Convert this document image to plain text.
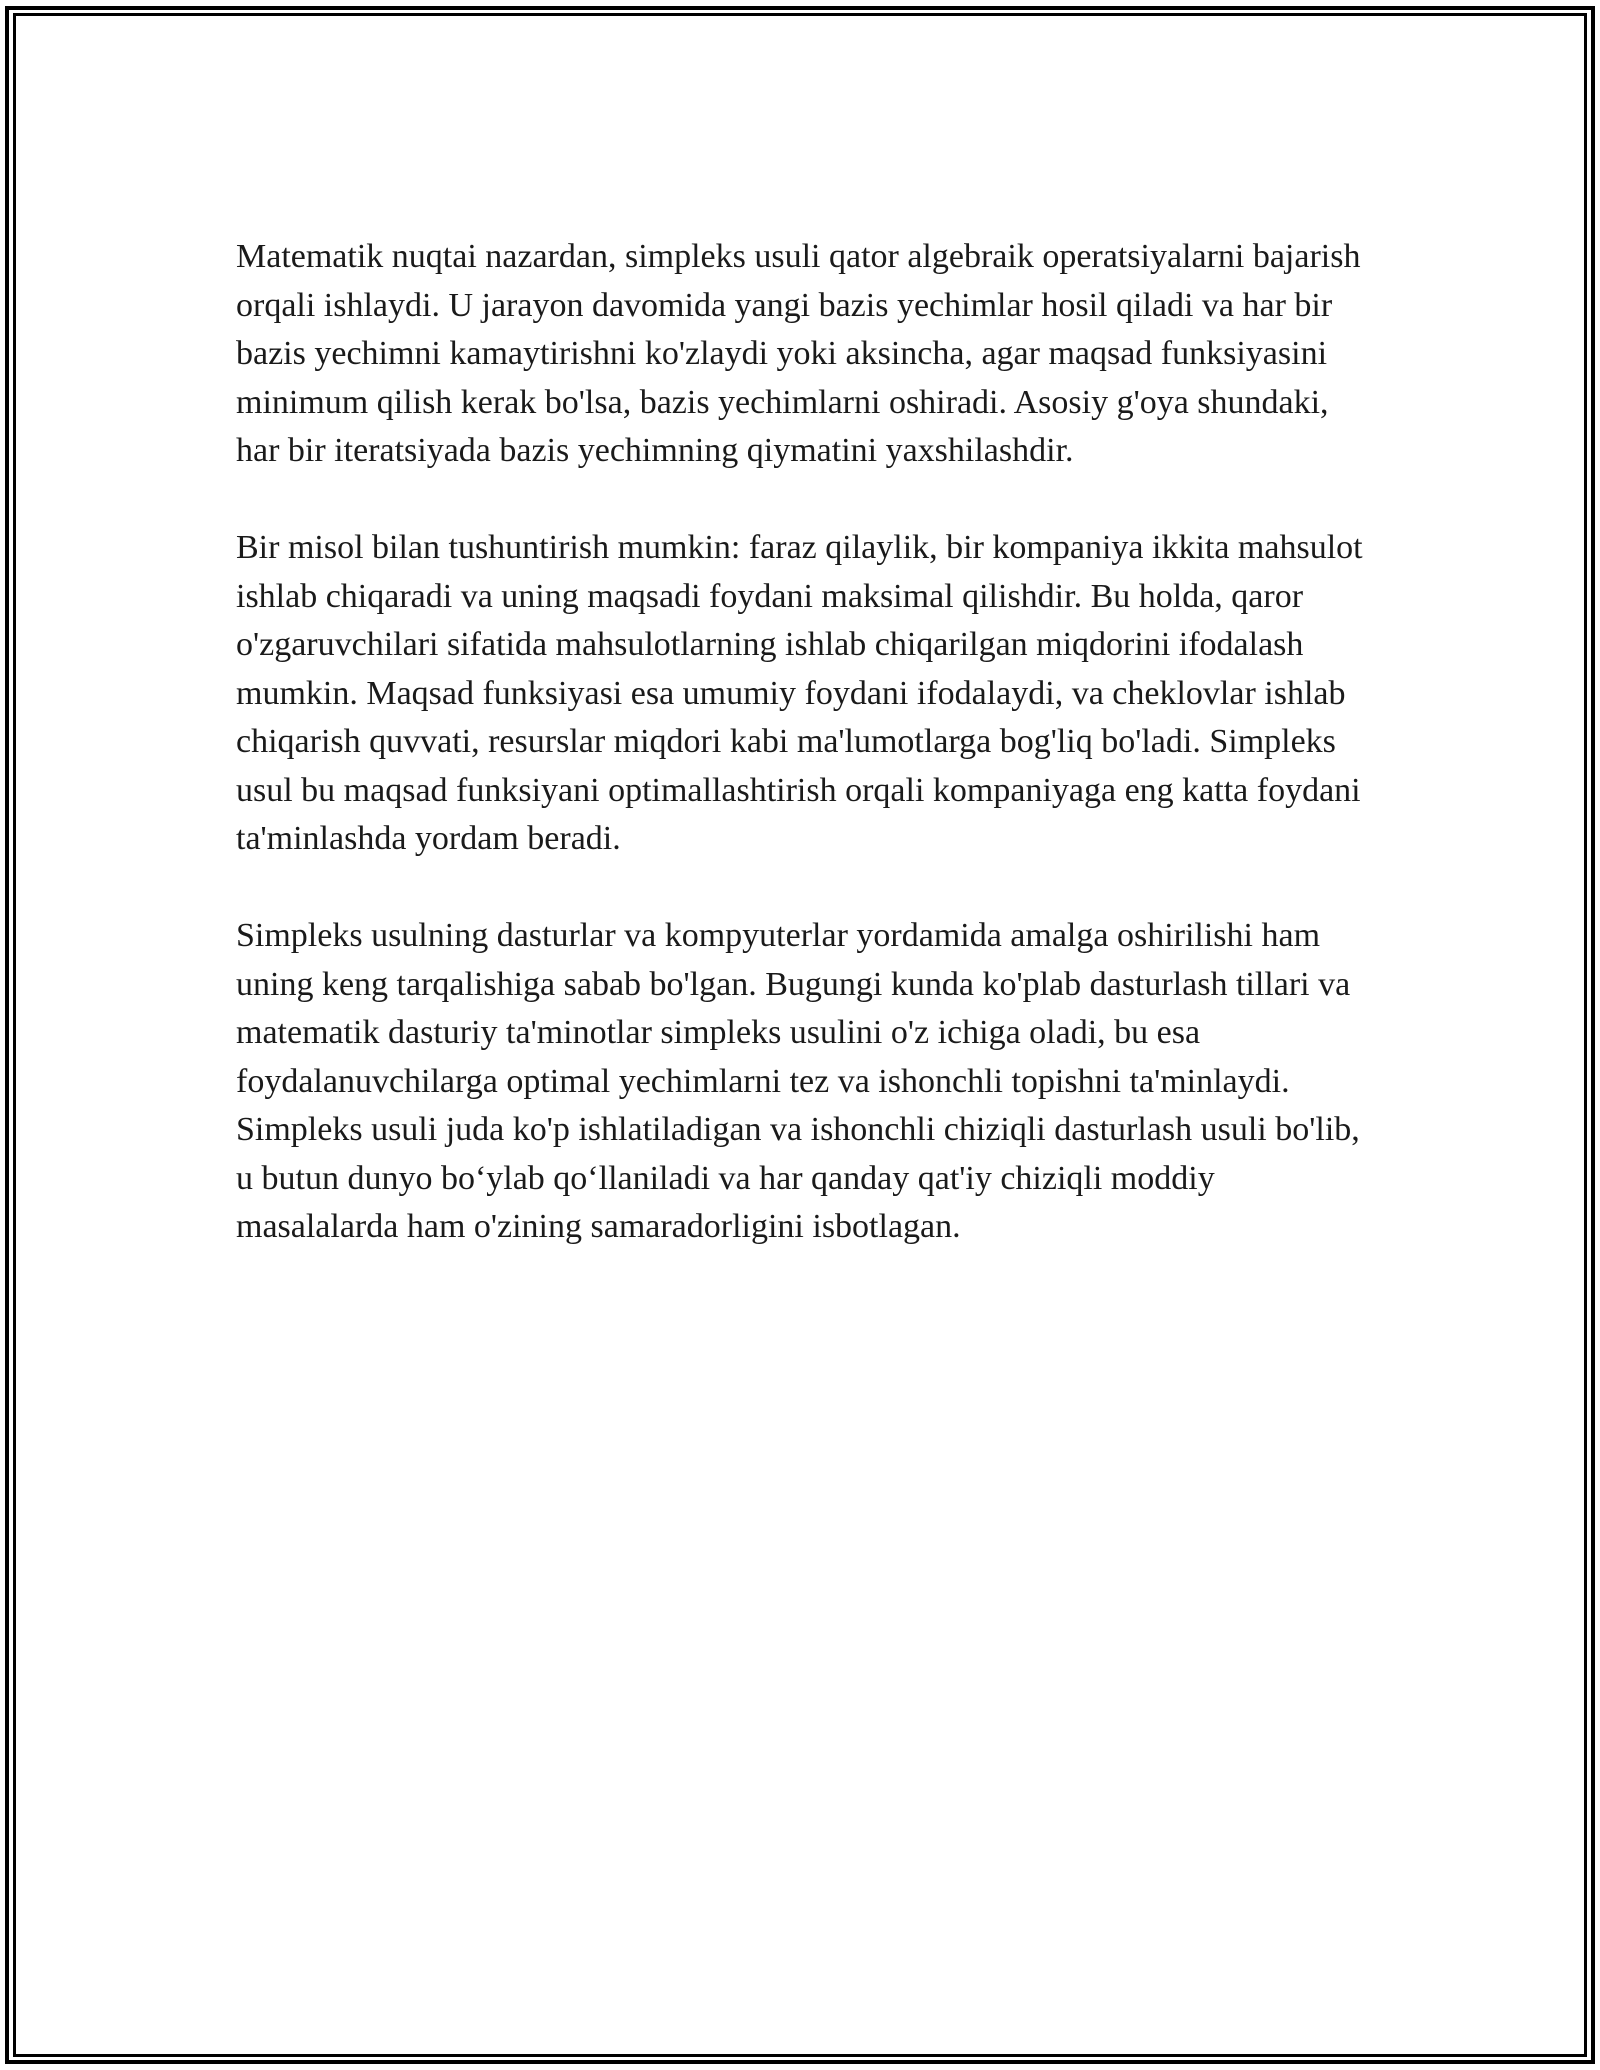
Matematik nuqtai nazardan, simpleks usuli qator algebraik operatsiyalarni bajarish orqali ishlaydi. U jarayon davomida yangi bazis yechimlar hosil qiladi va har bir bazis yechimni kamaytirishni ko'zlaydi yoki aksincha, agar maqsad funksiyasini minimum qilish kerak bo'lsa, bazis yechimlarni oshiradi. Asosiy g'oya shundaki, har bir iteratsiyada bazis yechimning qiymatini yaxshilashdir.

Bir misol bilan tushuntirish mumkin: faraz qilaylik, bir kompaniya ikkita mahsulot ishlab chiqaradi va uning maqsadi foydani maksimal qilishdir. Bu holda, qaror o'zgaruvchilari sifatida mahsulotlarning ishlab chiqarilgan miqdorini ifodalash mumkin. Maqsad funksiyasi esa umumiy foydani ifodalaydi, va cheklovlar ishlab chiqarish quvvati, resurslar miqdori kabi ma'lumotlarga bog'liq bo'ladi. Simpleks usul bu maqsad funksiyani optimallashtirish orqali kompaniyaga eng katta foydani ta'minlashda yordam beradi.

Simpleks usulning dasturlar va kompyuterlar yordamida amalga oshirilishi ham uning keng tarqalishiga sabab bo'lgan. Bugungi kunda ko'plab dasturlash tillari va matematik dasturiy ta'minotlar simpleks usulini o'z ichiga oladi, bu esa foydalanuvchilarga optimal yechimlarni tez va ishonchli topishni ta'minlaydi. Simpleks usuli juda ko'p ishlatiladigan va ishonchli chiziqli dasturlash usuli bo'lib, u butun dunyo bo‘ylab qo‘llaniladi va har qanday qat'iy chiziqli moddiy masalalarda ham o'zining samaradorligini isbotlagan.
